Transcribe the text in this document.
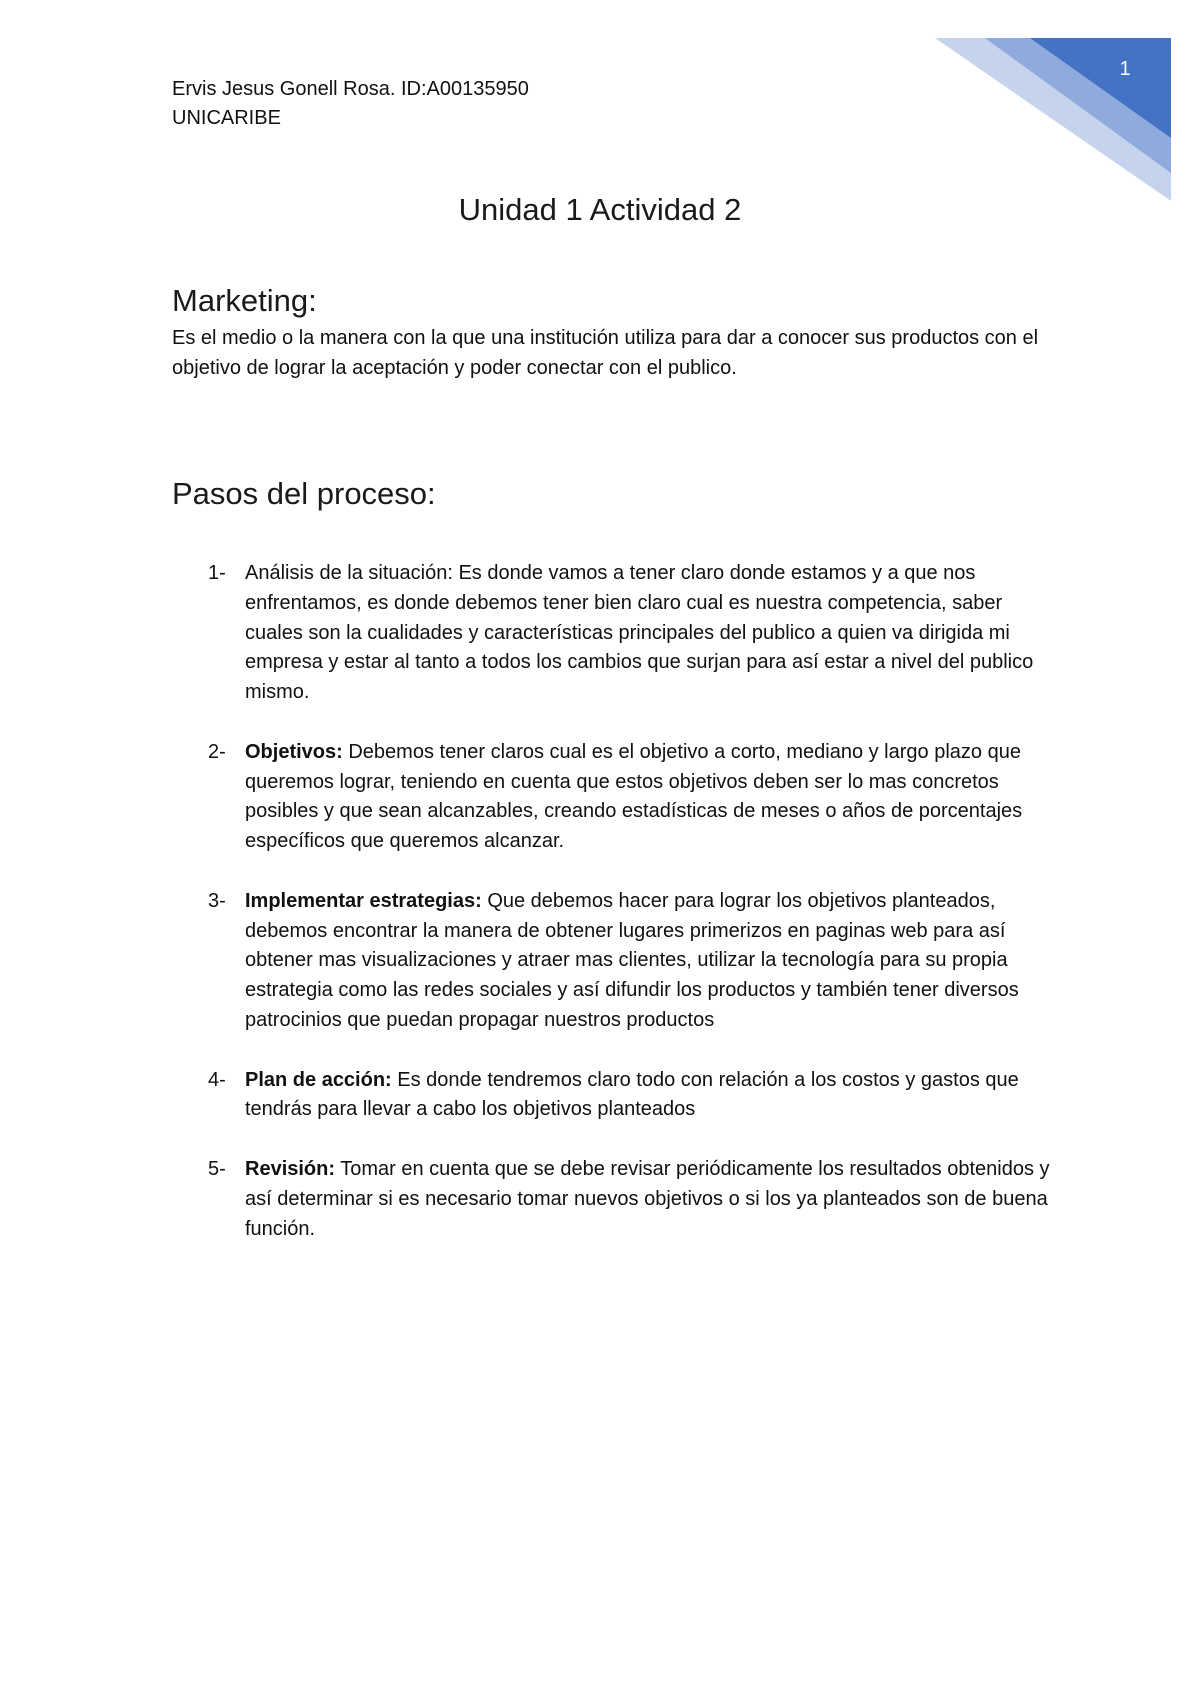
1
Ervis Jesus Gonell Rosa. ID:A00135950
UNICARIBE
Unidad 1 Actividad 2
Marketing:
Es el medio o la manera con la que una institución utiliza para dar a conocer sus productos con el objetivo de lograr la aceptación y poder conectar con el publico.
Pasos del proceso:
1- Análisis de la situación: Es donde vamos a tener claro donde estamos y a que nos enfrentamos, es donde debemos tener bien claro cual es nuestra competencia, saber cuales son la cualidades y características principales del publico a quien va dirigida mi empresa y estar al tanto a todos los cambios que surjan para así estar a nivel del publico mismo.
2- Objetivos: Debemos tener claros cual es el objetivo a corto, mediano y largo plazo que queremos lograr, teniendo en cuenta que estos objetivos deben ser lo mas concretos posibles y que sean alcanzables, creando estadísticas de meses o años de porcentajes específicos que queremos alcanzar.
3- Implementar estrategias: Que debemos hacer para lograr los objetivos planteados, debemos encontrar la manera de obtener lugares primerizos en paginas web para así obtener mas visualizaciones y atraer mas clientes, utilizar la tecnología para su propia estrategia como las redes sociales y así difundir los productos y también tener diversos patrocinios que puedan propagar nuestros productos
4- Plan de acción: Es donde tendremos claro todo con relación a los costos y gastos que tendrás para llevar a cabo los objetivos planteados
5- Revisión: Tomar en cuenta que se debe revisar periódicamente los resultados obtenidos y así determinar si es necesario tomar nuevos objetivos o si los ya planteados son de buena función.
